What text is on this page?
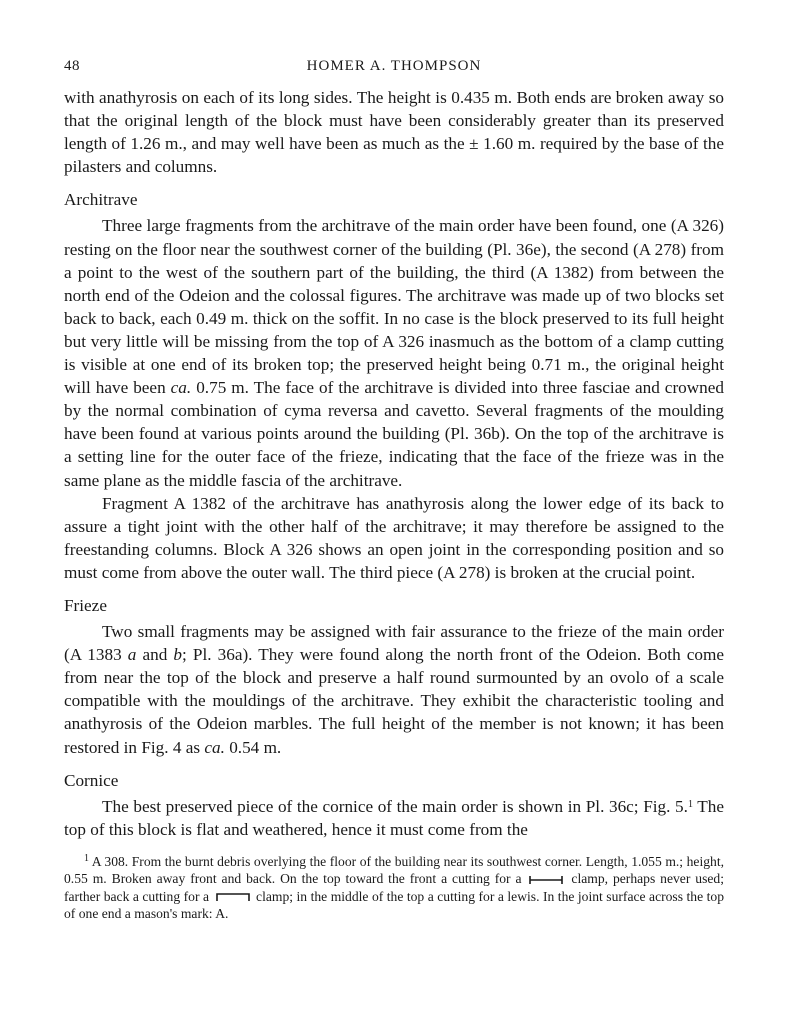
48	HOMER A. THOMPSON

with anathyrosis on each of its long sides. The height is 0.435 m. Both ends are broken away so that the original length of the block must have been considerably greater than its preserved length of 1.26 m., and may well have been as much as the ± 1.60 m. required by the base of the pilasters and columns.

Architrave

Three large fragments from the architrave of the main order have been found, one (A 326) resting on the floor near the southwest corner of the building (Pl. 36e), the second (A 278) from a point to the west of the southern part of the building, the third (A 1382) from between the north end of the Odeion and the colossal figures. The architrave was made up of two blocks set back to back, each 0.49 m. thick on the soffit. In no case is the block preserved to its full height but very little will be missing from the top of A 326 inasmuch as the bottom of a clamp cutting is visible at one end of its broken top; the preserved height being 0.71 m., the original height will have been ca. 0.75 m. The face of the architrave is divided into three fasciae and crowned by the normal combination of cyma reversa and cavetto. Several fragments of the moulding have been found at various points around the building (Pl. 36b). On the top of the architrave is a setting line for the outer face of the frieze, indicating that the face of the frieze was in the same plane as the middle fascia of the architrave.

Fragment A 1382 of the architrave has anathyrosis along the lower edge of its back to assure a tight joint with the other half of the architrave; it may therefore be assigned to the freestanding columns. Block A 326 shows an open joint in the corresponding position and so must come from above the outer wall. The third piece (A 278) is broken at the crucial point.

Frieze

Two small fragments may be assigned with fair assurance to the frieze of the main order (A 1383 a and b; Pl. 36a). They were found along the north front of the Odeion. Both come from near the top of the block and preserve a half round surmounted by an ovolo of a scale compatible with the mouldings of the architrave. They exhibit the characteristic tooling and anathyrosis of the Odeion marbles. The full height of the member is not known; it has been restored in Fig. 4 as ca. 0.54 m.

Cornice

The best preserved piece of the cornice of the main order is shown in Pl. 36c; Fig. 5.$^1$ The top of this block is flat and weathered, hence it must come from the

$^1$ A 308. From the burnt debris overlying the floor of the building near its southwest corner. Length, 1.055 m.; height, 0.55 m. Broken away front and back. On the top toward the front a cutting for a	clamp, perhaps never used; farther back a cutting for a	clamp; in the middle of the top a cutting for a lewis. In the joint surface across the top of one end a mason's mark: A.
